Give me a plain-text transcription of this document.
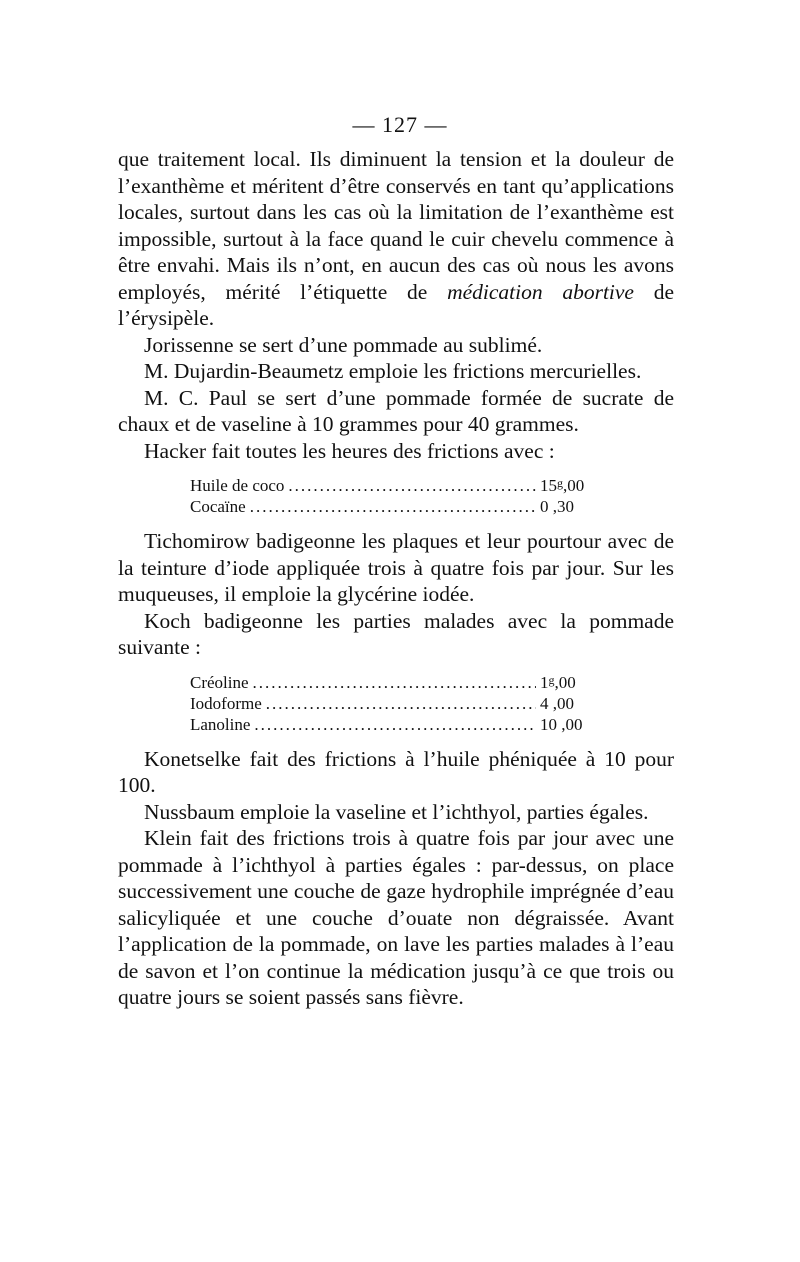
— 127 —

que traitement local. Ils diminuent la tension et la douleur de l’exanthème et méritent d’être conservés en tant qu’applications locales, surtout dans les cas où la limitation de l’exanthème est impossible, surtout à la face quand le cuir chevelu commence à être envahi. Mais ils n’ont, en aucun des cas où nous les avons employés, mérité l’étiquette de médication abortive de l’érysipèle.

Jorissenne se sert d’une pommade au sublimé.

M. Dujardin-Beaumetz emploie les frictions mercurielles.

M. C. Paul se sert d’une pommade formée de sucrate de chaux et de vaseline à 10 grammes pour 40 grammes.

Hacker fait toutes les heures des frictions avec :

Huile de coco .....	15$^g$,00
Cocaïne .....	0 ,30

Tichomirow badigeonne les plaques et leur pourtour avec de la teinture d’iode appliquée trois à quatre fois par jour. Sur les muqueuses, il emploie la glycérine iodée.

Koch badigeonne les parties malades avec la pommade suivante :

Créoline .....	1$^g$,00
Iodoforme .....	4 ,00
Lanoline .....	10 ,00

Konetselke fait des frictions à l’huile phéniquée à 10 pour 100.

Nussbaum emploie la vaseline et l’ichthyol, parties égales.

Klein fait des frictions trois à quatre fois par jour avec une pommade à l’ichthyol à parties égales : par-dessus, on place successivement une couche de gaze hydrophile imprégnée d’eau salicyliquée et une couche d’ouate non dégraissée. Avant l’application de la pommade, on lave les parties malades à l’eau de savon et l’on continue la médication jusqu’à ce que trois ou quatre jours se soient passés sans fièvre.
